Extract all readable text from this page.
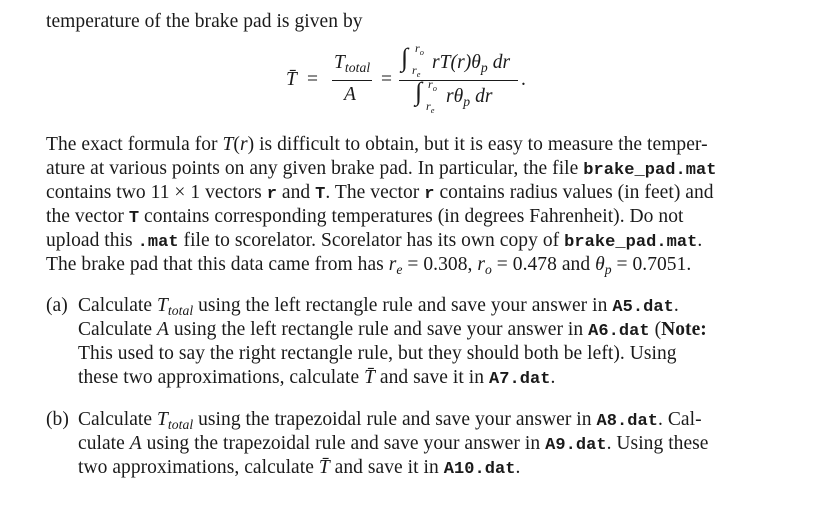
temperature of the brake pad is given by
T̄ =
$T_{total}$
A
=
∫ $r_o$
$r_e$
$rT(r)\theta_p$ dr
∫ $r_o$
$r_e$
$r\theta_p$ dr
.
The exact formula for T(r) is difficult to obtain, but it is easy to measure the temper-
ature at various points on any given brake pad. In particular, the file brake_pad.mat
contains two 11 × 1 vectors r and T. The vector r contains radius values (in feet) and
the vector T contains corresponding temperatures (in degrees Fahrenheit). Do not
upload this .mat file to scorelator. Scorelator has its own copy of brake_pad.mat.
The brake pad that this data came from has $r_e = 0.308$, $r_o = 0.478$ and $\theta_p = 0.7051$.
(a) Calculate $T_{total}$ using the left rectangle rule and save your answer in A5.dat.
Calculate A using the left rectangle rule and save your answer in A6.dat (Note:
This used to say the right rectangle rule, but they should both be left). Using
these two approximations, calculate T̄ and save it in A7.dat.
(b) Calculate $T_{total}$ using the trapezoidal rule and save your answer in A8.dat. Cal-
culate A using the trapezoidal rule and save your answer in A9.dat. Using these
two approximations, calculate T̄ and save it in A10.dat.
